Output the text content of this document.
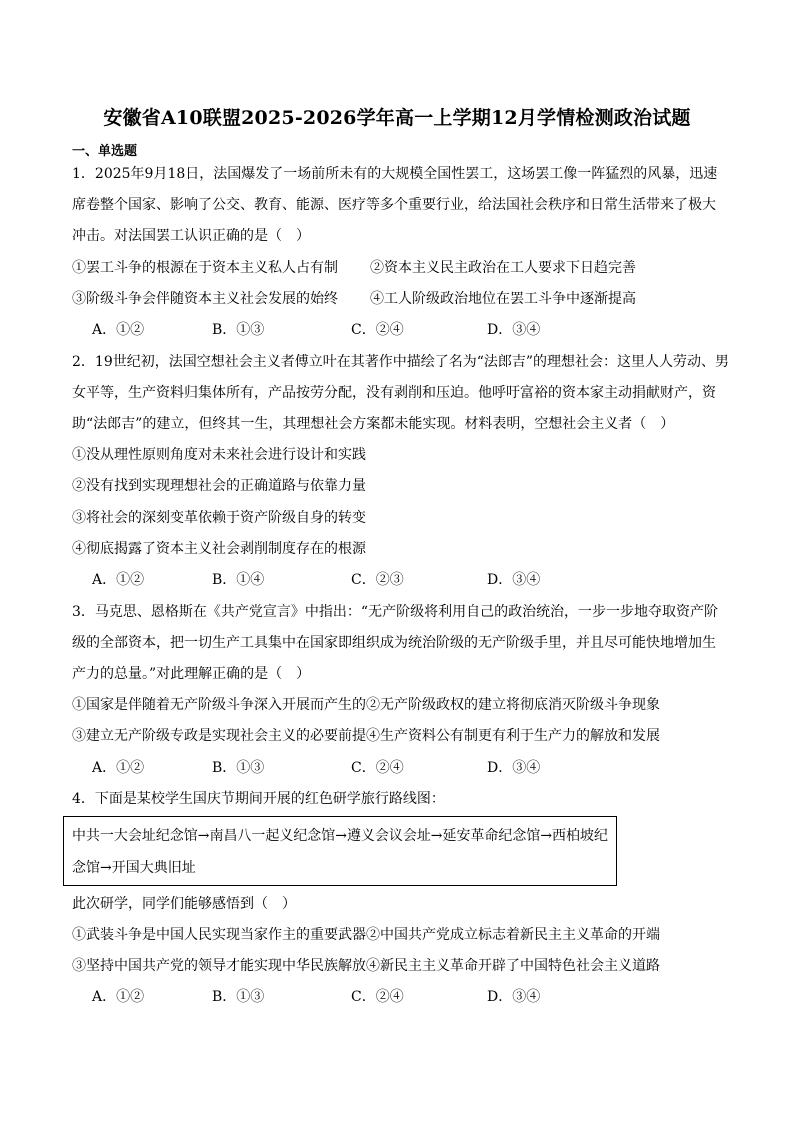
安徽省A10联盟2025-2026学年高一上学期12月学情检测政治试题
一、单选题
1．2025年9月18日，法国爆发了一场前所未有的大规模全国性罢工，这场罢工像一阵猛烈的风暴，迅速
席卷整个国家、影响了公交、教育、能源、医疗等多个重要行业，给法国社会秩序和日常生活带来了极大
冲击。对法国罢工认识正确的是（　）
①罢工斗争的根源在于资本主义私人占有制 ②资本主义民主政治在工人要求下日趋完善
③阶级斗争会伴随资本主义社会发展的始终 ④工人阶级政治地位在罢工斗争中逐渐提高
A．①②	B．①③	C．②④	D．③④
2．19世纪初，法国空想社会主义者傅立叶在其著作中描绘了名为“法郎吉”的理想社会：这里人人劳动、男
女平等，生产资料归集体所有，产品按劳分配，没有剥削和压迫。他呼吁富裕的资本家主动捐献财产，资
助“法郎吉”的建立，但终其一生，其理想社会方案都未能实现。材料表明，空想社会主义者（　）
①没从理性原则角度对未来社会进行设计和实践
②没有找到实现理想社会的正确道路与依靠力量
③将社会的深刻变革依赖于资产阶级自身的转变
④彻底揭露了资本主义社会剥削制度存在的根源
A．①②	B．①④	C．②③	D．③④
3．马克思、恩格斯在《共产党宣言》中指出：“无产阶级将利用自己的政治统治，一步一步地夺取资产阶
级的全部资本，把一切生产工具集中在国家即组织成为统治阶级的无产阶级手里，并且尽可能快地增加生
产力的总量。”对此理解正确的是（　）
①国家是伴随着无产阶级斗争深入开展而产生的②无产阶级政权的建立将彻底消灭阶级斗争现象
③建立无产阶级专政是实现社会主义的必要前提④生产资料公有制更有利于生产力的解放和发展
A．①②	B．①③	C．②④	D．③④
4．下面是某校学生国庆节期间开展的红色研学旅行路线图：
中共一大会址纪念馆→南昌八一起义纪念馆→遵义会议会址→延安革命纪念馆→西柏坡纪
念馆→开国大典旧址
此次研学，同学们能够感悟到（　）
①武装斗争是中国人民实现当家作主的重要武器②中国共产党成立标志着新民主主义革命的开端
③坚持中国共产党的领导才能实现中华民族解放④新民主主义革命开辟了中国特色社会主义道路
A．①②	B．①③	C．②④	D．③④
